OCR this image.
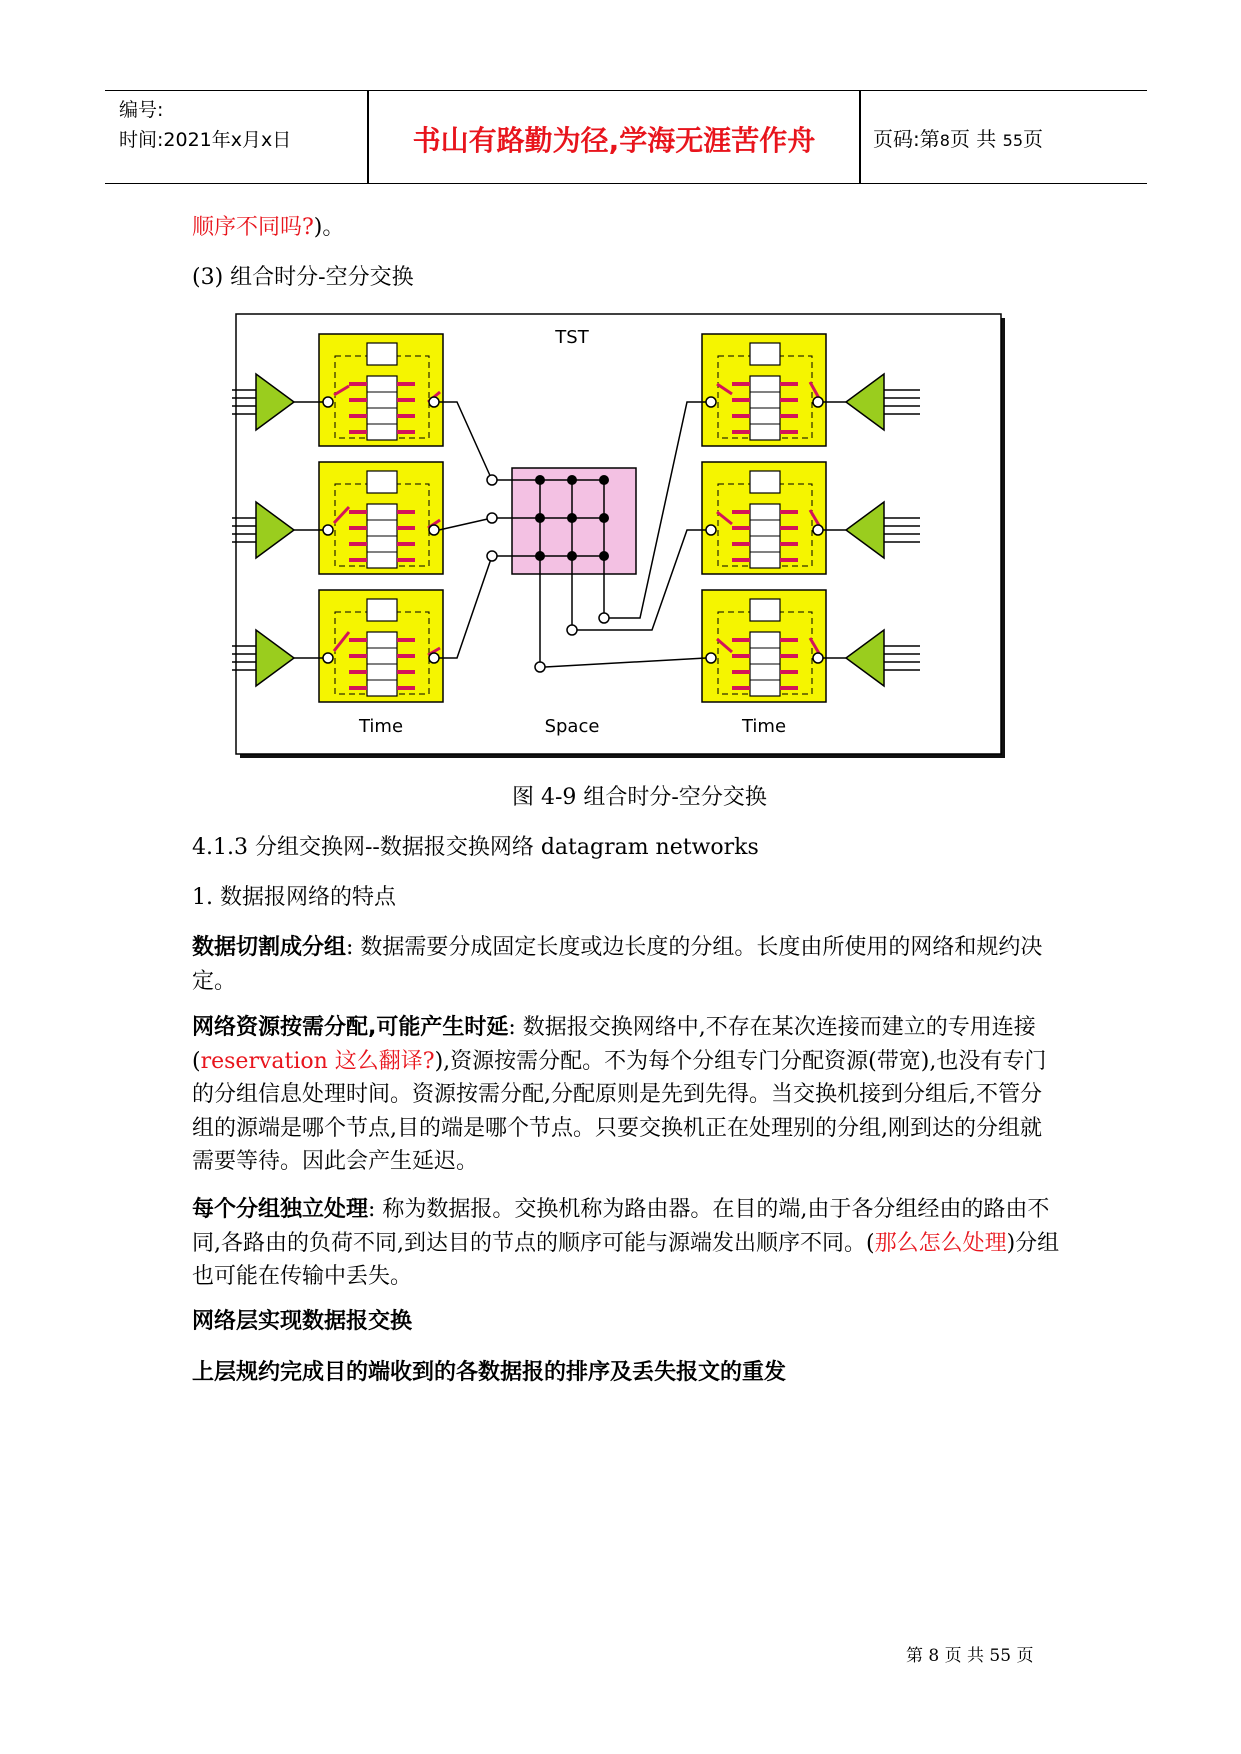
编号:
时间:2021年x月x日	书山有路勤为径,学海无涯苦作舟	页码:第8页 共 55页
顺序不同吗?)。
(3) 组合时分-空分交换
TST
Time	Space	Time
图 4-9 组合时分-空分交换
4.1.3 分组交换网--数据报交换网络 datagram networks
1. 数据报网络的特点
数据切割成分组: 数据需要分成固定长度或边长度的分组。长度由所使用的网络和规约决定。
网络资源按需分配,可能产生时延: 数据报交换网络中,不存在某次连接而建立的专用连接(reservation 这么翻译?),资源按需分配。不为每个分组专门分配资源(带宽),也没有专门的分组信息处理时间。资源按需分配,分配原则是先到先得。当交换机接到分组后,不管分组的源端是哪个节点,目的端是哪个节点。只要交换机正在处理别的分组,刚到达的分组就需要等待。因此会产生延迟。
每个分组独立处理: 称为数据报。交换机称为路由器。在目的端,由于各分组经由的路由不同,各路由的负荷不同,到达目的节点的顺序可能与源端发出顺序不同。(那么怎么处理)分组也可能在传输中丢失。
网络层实现数据报交换
上层规约完成目的端收到的各数据报的排序及丢失报文的重发
第 8 页 共 55 页
